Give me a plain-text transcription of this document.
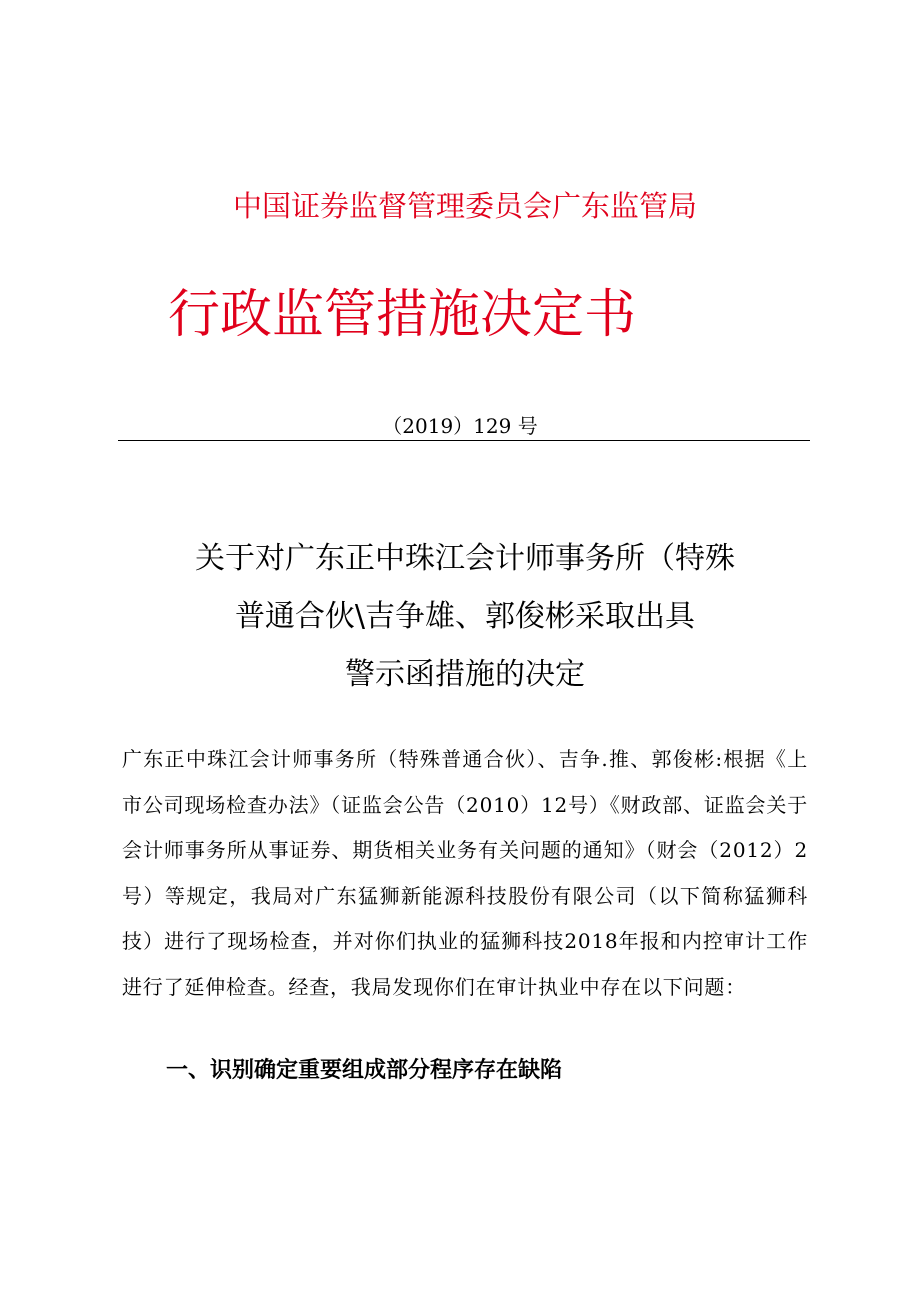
中国证券监督管理委员会广东监管局
行政监管措施决定书
（2019）129 号
关于对广东正中珠江会计师事务所（特殊
普通合伙\吉争雄、郭俊彬采取出具
警示函措施的决定
广东正中珠江会计师事务所（特殊普通合伙）、吉争.推、郭俊彬:根据《上市公司现场检查办法》（证监会公告（2010）12号）《财政部、证监会关于会计师事务所从事证券、期货相关业务有关问题的通知》（财会（2012）2号）等规定，我局对广东猛狮新能源科技股份有限公司（以下简称猛狮科技）进行了现场检查，并对你们执业的猛狮科技2018年报和内控审计工作进行了延伸检查。经查，我局发现你们在审计执业中存在以下问题：
一、识别确定重要组成部分程序存在缺陷
